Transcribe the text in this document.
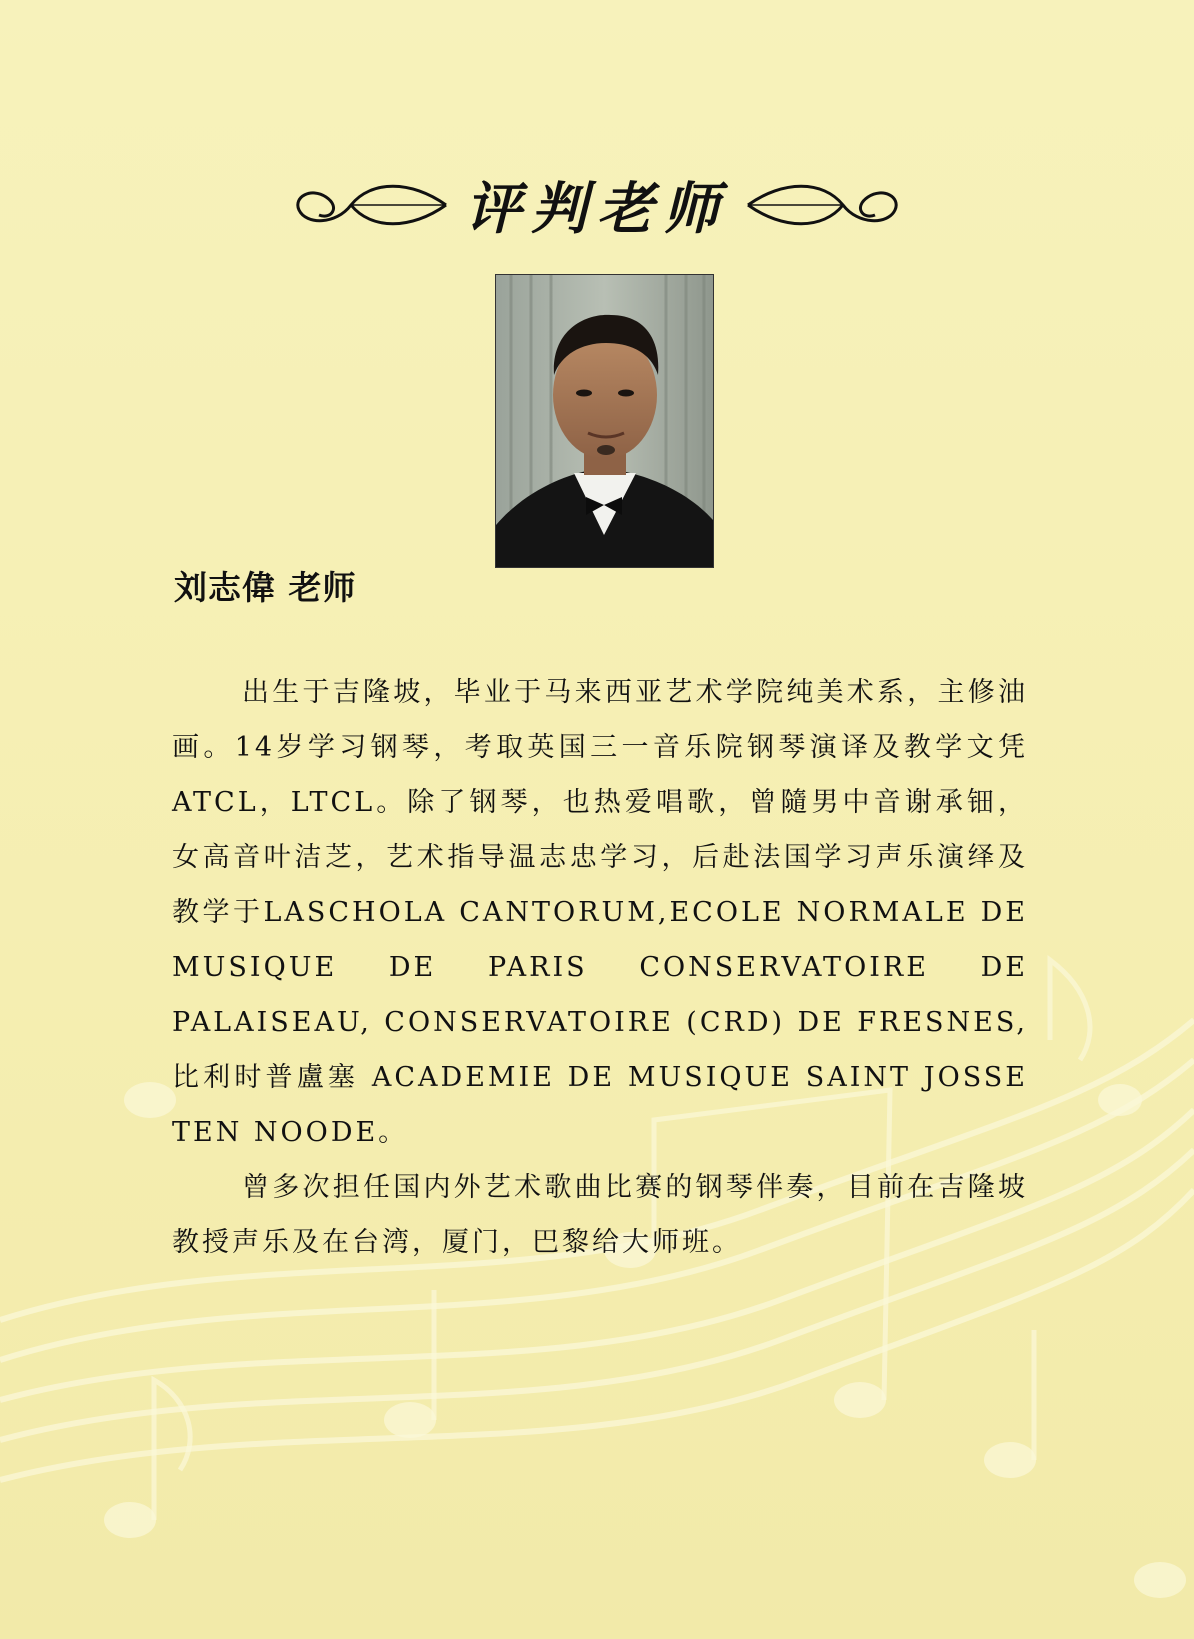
评判老师
刘志偉 老师

出生于吉隆坡，毕业于马来西亚艺术学院纯美术系，主修油画。14岁学习钢琴，考取英国三一音乐院钢琴演译及教学文凭ATCL，LTCL。除了钢琴，也热爱唱歌，曾隨男中音谢承钿，女高音叶洁芝，艺术指导温志忠学习，后赴法国学习声乐演绎及教学于LASCHOLA CANTORUM,ECOLE NORMALE DE MUSIQUE DE PARIS CONSERVATOIRE DE PALAISEAU, CONSERVATOIRE (CRD) DE FRESNES, 比利时普盧塞 ACADEMIE DE MUSIQUE SAINT JOSSE TEN NOODE。

曾多次担任国内外艺术歌曲比赛的钢琴伴奏，目前在吉隆坡教授声乐及在台湾，厦门，巴黎给大师班。
